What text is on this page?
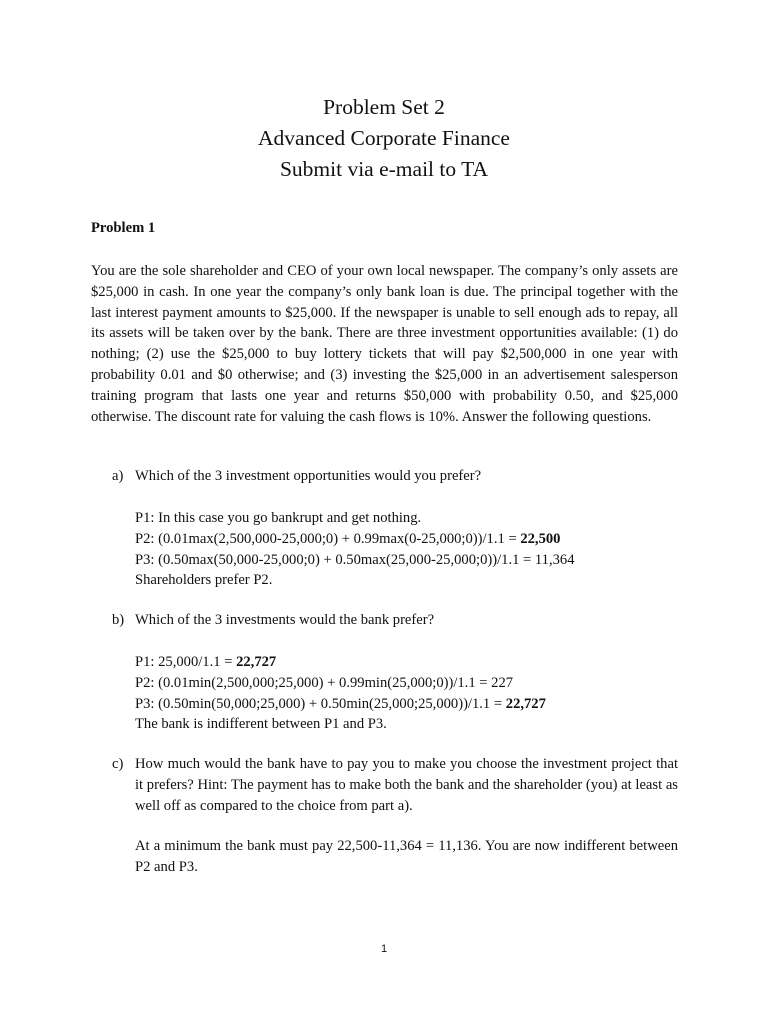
Problem Set 2
Advanced Corporate Finance
Submit via e-mail to TA
Problem 1

You are the sole shareholder and CEO of your own local newspaper. The company’s only assets are $25,000 in cash. In one year the company’s only bank loan is due. The principal together with the last interest payment amounts to $25,000. If the newspaper is unable to sell enough ads to repay, all its assets will be taken over by the bank. There are three investment opportunities available: (1) do nothing; (2) use the $25,000 to buy lottery tickets that will pay $2,500,000 in one year with probability 0.01 and $0 otherwise; and (3) investing the $25,000 in an advertisement salesperson training program that lasts one year and returns $50,000 with probability 0.50, and $25,000 otherwise. The discount rate for valuing the cash flows is 10%. Answer the following questions.

a) Which of the 3 investment opportunities would you prefer?
P1: In this case you go bankrupt and get nothing.
P2: (0.01max(2,500,000-25,000;0) + 0.99max(0-25,000;0))/1.1 = 22,500
P3: (0.50max(50,000-25,000;0) + 0.50max(25,000-25,000;0))/1.1 = 11,364
Shareholders prefer P2.
b) Which of the 3 investments would the bank prefer?
P1: 25,000/1.1 = 22,727
P2: (0.01min(2,500,000;25,000) + 0.99min(25,000;0))/1.1 = 227
P3: (0.50min(50,000;25,000) + 0.50min(25,000;25,000))/1.1 = 22,727
The bank is indifferent between P1 and P3.
c) How much would the bank have to pay you to make you choose the investment project that it prefers? Hint: The payment has to make both the bank and the shareholder (you) at least as well off as compared to the choice from part a).
At a minimum the bank must pay 22,500-11,364 = 11,136. You are now indifferent between P2 and P3.
1
